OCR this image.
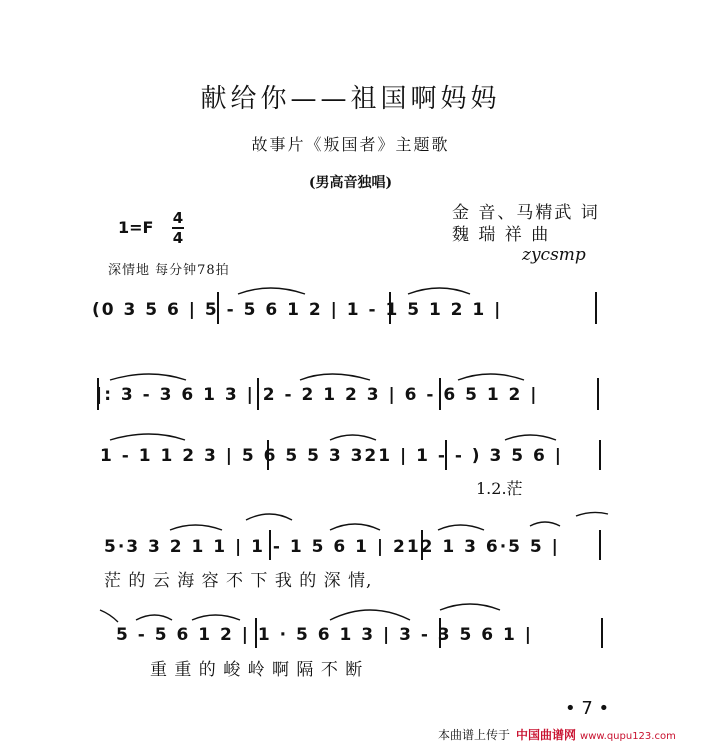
献给你——祖国啊妈妈
故事片《叛国者》主题歌
(男高音独唱)
1=F 4
4
金 音、马精武 词
魏 瑞 祥 曲
zycsmp
深情地 每分钟78拍
(0 3 5 6 | 5 - 5 6 1 2 | 1 - 1 5 1 2 1 |
|: 3 - 3 6 1 3 | 2 - 2 1 2 3 | 6 - 6 5 1 2 |
1 - 1 1 2 3 | 5 6 5 5 3 321 | 1 - - ) 3 5 6 |
1.2.茫
5·3 3 2 1 1 | 1 - 1 5 6 1 | 212 1 3 6·5 5 |
茫 的 云 海 容 不 下 我 的 深 情,
5 - 5 6 1 2 | 1 · 5 6 1 3 | 3 - 3 5 6 1 |
重 重 的 峻 岭 啊 隔 不 断
• 7 •
本曲谱上传于 中国曲谱网 www.qupu123.com
